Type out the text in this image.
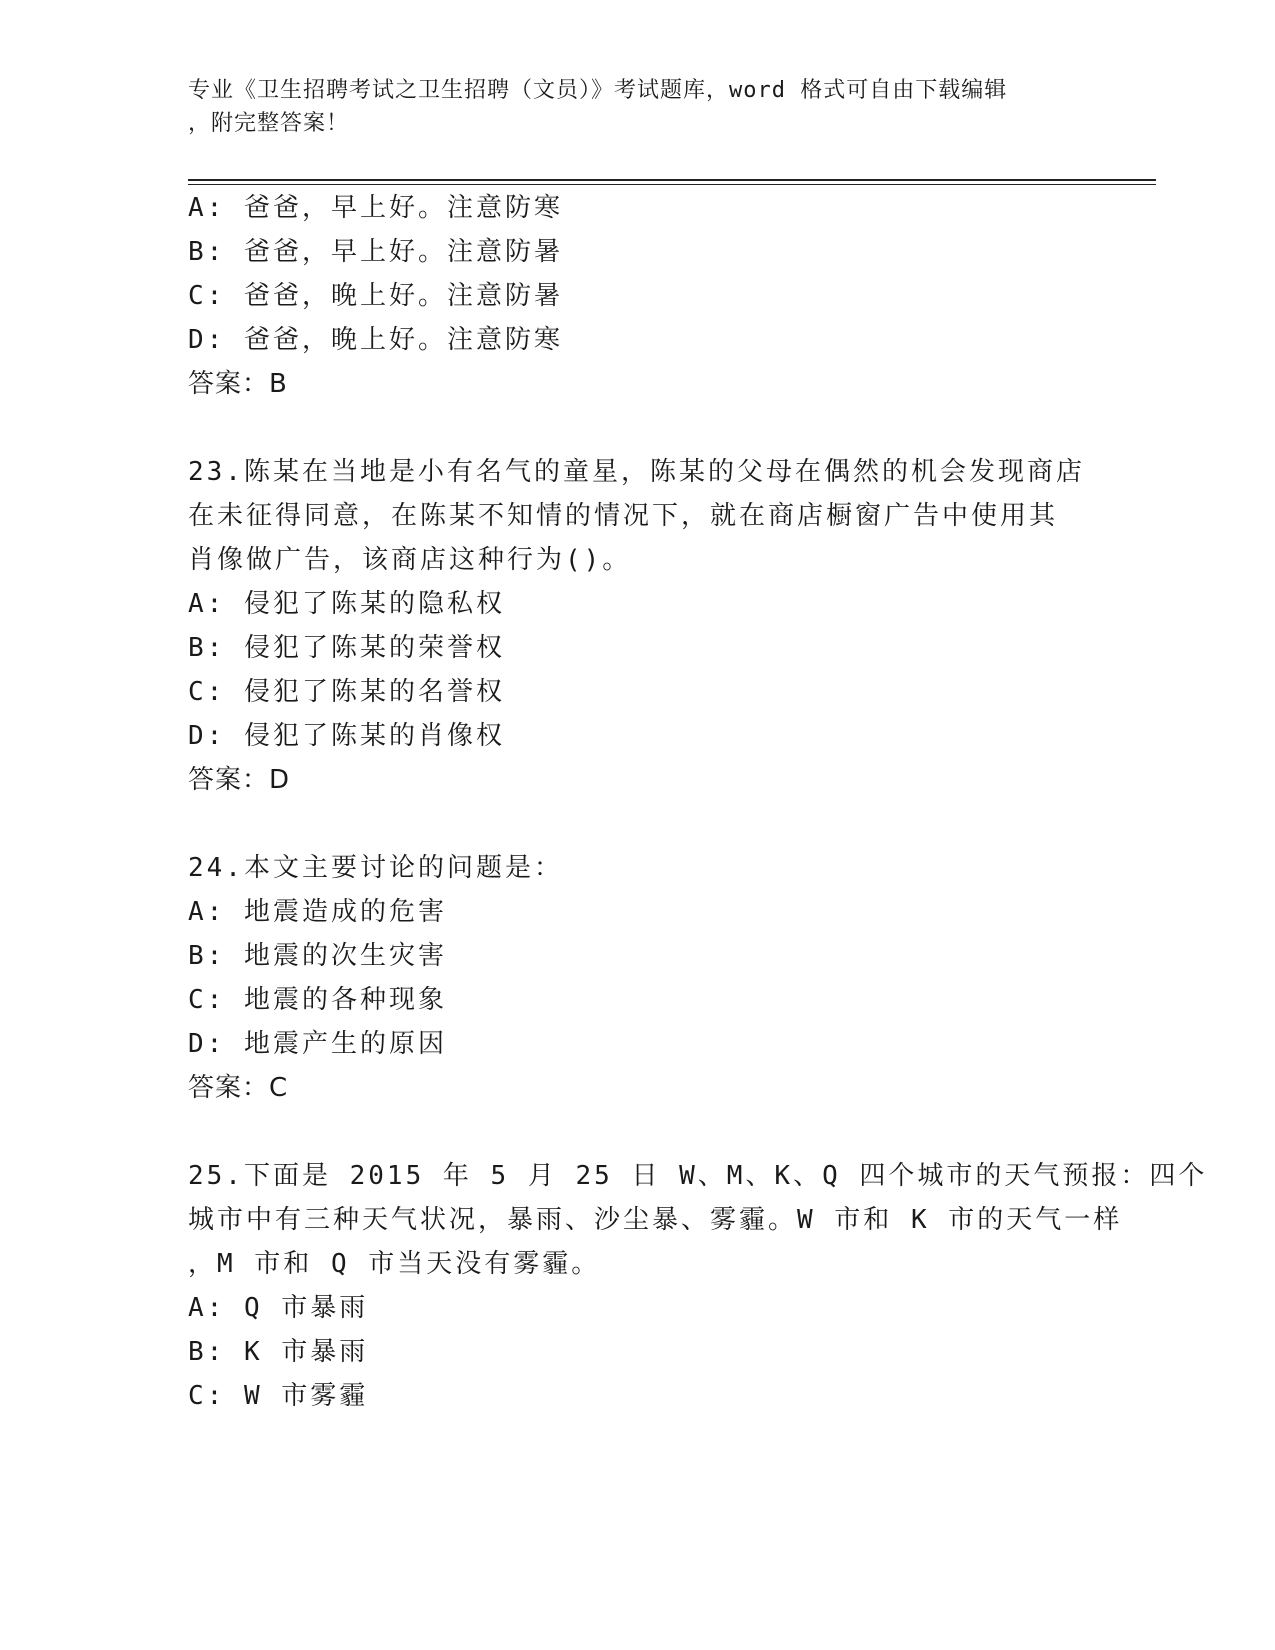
专业《卫生招聘考试之卫生招聘（文员）》考试题库，word 格式可自由下载编辑
，附完整答案！
A: 爸爸，早上好。注意防寒
B: 爸爸，早上好。注意防暑
C: 爸爸，晚上好。注意防暑
D: 爸爸，晚上好。注意防寒
答案：B
23.陈某在当地是小有名气的童星，陈某的父母在偶然的机会发现商店
在未征得同意，在陈某不知情的情况下，就在商店橱窗广告中使用其
肖像做广告，该商店这种行为()。
A: 侵犯了陈某的隐私权
B: 侵犯了陈某的荣誉权
C: 侵犯了陈某的名誉权
D: 侵犯了陈某的肖像权
答案：D
24.本文主要讨论的问题是：
A: 地震造成的危害
B: 地震的次生灾害
C: 地震的各种现象
D: 地震产生的原因
答案：C
25.下面是 2015 年 5 月 25 日 W、M、K、Q 四个城市的天气预报：四个
城市中有三种天气状况，暴雨、沙尘暴、雾霾。W 市和 K 市的天气一样
，M 市和 Q 市当天没有雾霾。
A: Q 市暴雨
B: K 市暴雨
C: W 市雾霾
